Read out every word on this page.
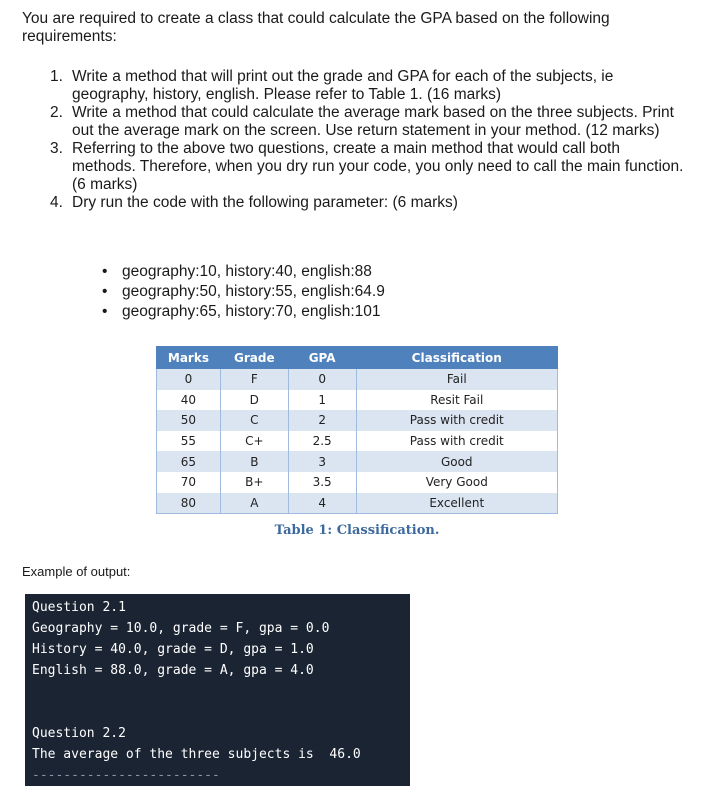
You are required to create a class that could calculate the GPA based on the following requirements:
1. Write a method that will print out the grade and GPA for each of the subjects, ie geography, history, english. Please refer to Table 1. (16 marks)
2. Write a method that could calculate the average mark based on the three subjects. Print out the average mark on the screen. Use return statement in your method. (12 marks)
3. Referring to the above two questions, create a main method that would call both methods. Therefore, when you dry run your code, you only need to call the main function. (6 marks)
4. Dry run the code with the following parameter: (6 marks)
• geography:10, history:40, english:88
• geography:50, history:55, english:64.9
• geography:65, history:70, english:101
Marks	Grade	GPA	Classification
0	F	0	Fail
40	D	1	Resit Fail
50	C	2	Pass with credit
55	C+	2.5	Pass with credit
65	B	3	Good
70	B+	3.5	Very Good
80	A	4	Excellent
Table 1: Classification.
Example of output:
Question 2.1
Geography = 10.0, grade = F, gpa = 0.0
History = 40.0, grade = D, gpa = 1.0
English = 88.0, grade = A, gpa = 4.0
Question 2.2
The average of the three subjects is  46.0
------------------------
